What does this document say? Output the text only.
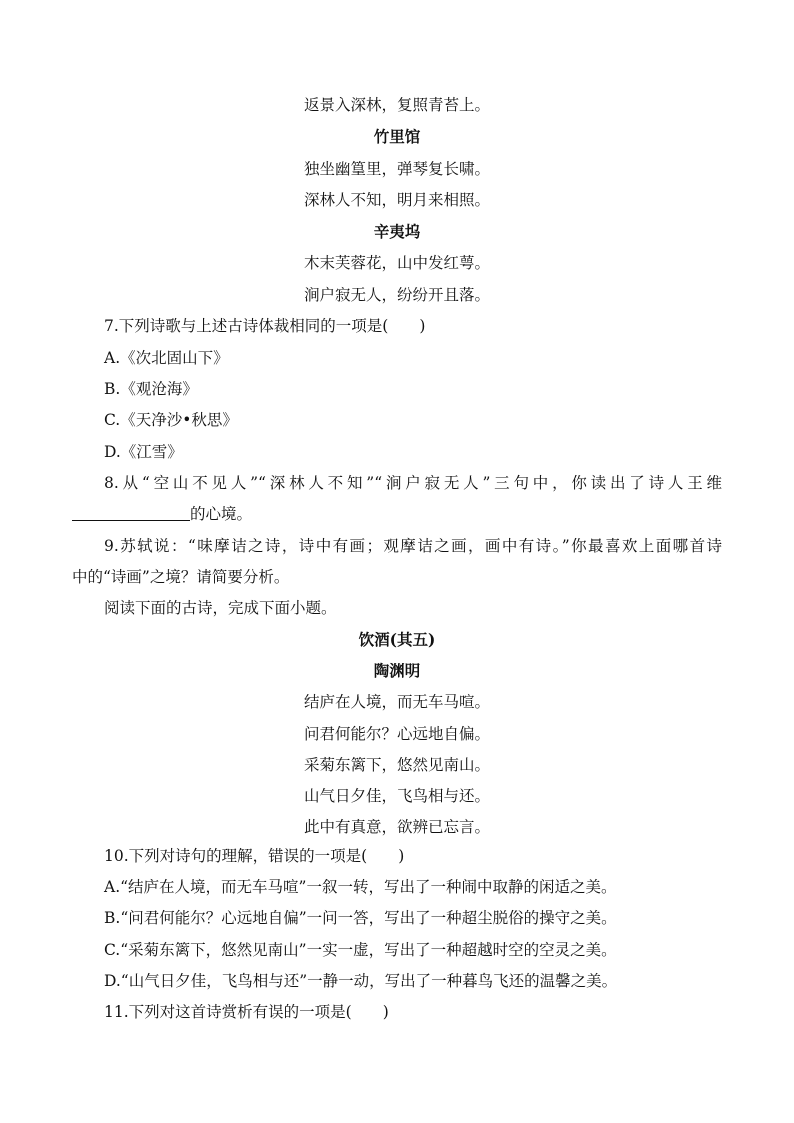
返景入深林，复照青苔上。
竹里馆
独坐幽篁里，弹琴复长啸。
深林人不知，明月来相照。
辛夷坞
木末芙蓉花，山中发红萼。
涧户寂无人，纷纷开且落。
7.下列诗歌与上述古诗体裁相同的一项是(　　)
A.《次北固山下》
B.《观沧海》
C.《天净沙•秋思》
D.《江雪》
8.从“空山不见人”“深林人不知”“涧户寂无人”三句中，你读出了诗人王维
的心境。
9.苏轼说：“味摩诘之诗，诗中有画；观摩诘之画，画中有诗。”你最喜欢上面哪首诗
中的“诗画”之境？请简要分析。
阅读下面的古诗，完成下面小题。
饮酒(其五)
陶渊明
结庐在人境，而无车马喧。
问君何能尔？心远地自偏。
采菊东篱下，悠然见南山。
山气日夕佳，飞鸟相与还。
此中有真意，欲辨已忘言。
10.下列对诗句的理解，错误的一项是(　　)
A.“结庐在人境，而无车马喧”一叙一转，写出了一种闹中取静的闲适之美。
B.“问君何能尔？心远地自偏”一问一答，写出了一种超尘脱俗的操守之美。
C.“采菊东篱下，悠然见南山”一实一虚，写出了一种超越时空的空灵之美。
D.“山气日夕佳，飞鸟相与还”一静一动，写出了一种暮鸟飞还的温馨之美。
11.下列对这首诗赏析有误的一项是(　　)
